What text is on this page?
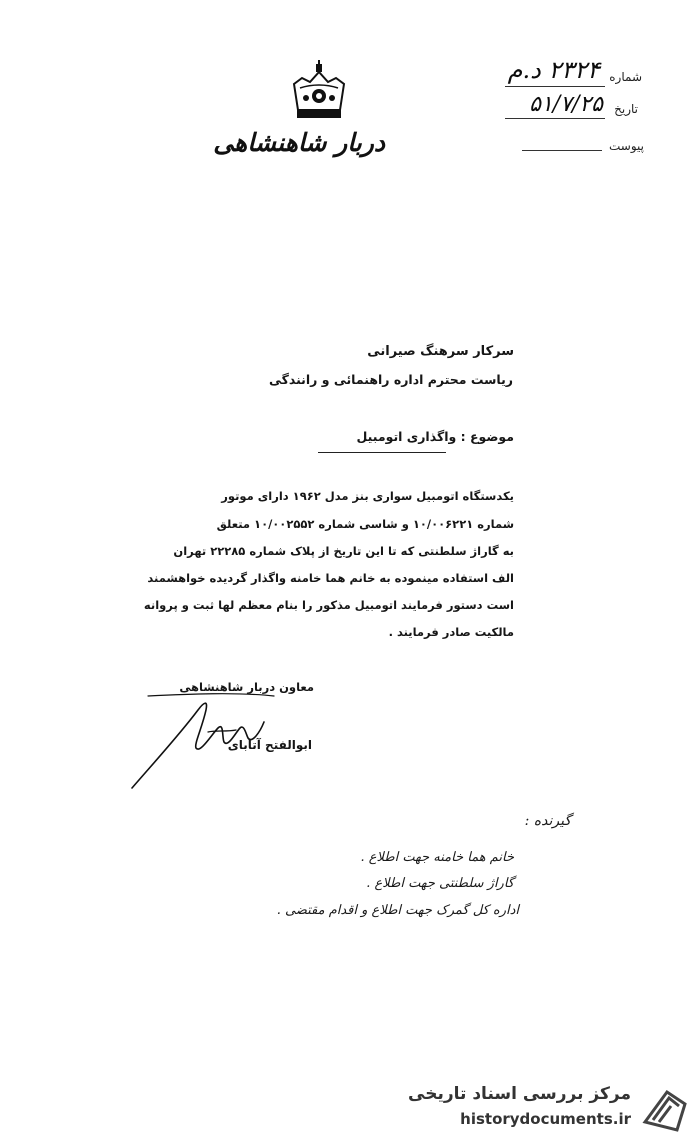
دربار شاهنشاهی
شماره
۲۳۲۴ د.م
تاریخ
۵۱/۷/۲۵
پیوست
سرکار سرهنگ صیرانی
ریاست محترم اداره راهنمائی و رانندگی
موضوع : واگذاری اتومبیل
یکدستگاه اتومبیل سواری بنز مدل ۱۹۶۲ دارای موتور
شماره ۱۰/۰۰۶۲۲۱ و شاسی شماره ۱۰/۰۰۲۵۵۲ متعلق
به گاراژ سلطنتی که تا این تاریخ از پلاک شماره ۲۲۲۸۵ تهران
الف استفاده مینموده به خانم هما خامنه واگذار گردیده خواهشمند
است دستور فرمایند اتومبیل مذکور را بنام معظم لها ثبت و پروانه
مالکیت صادر فرمایند .
معاون دربار شاهنشاهی
ابوالفتح آتابای
گیرنده :
خانم هما خامنه جهت اطلاع .
گاراژ سلطنتی جهت اطلاع .
اداره کل گمرک جهت اطلاع و اقدام مقتضی .
مرکز بررسی اسناد تاریخی
historydocuments.ir
